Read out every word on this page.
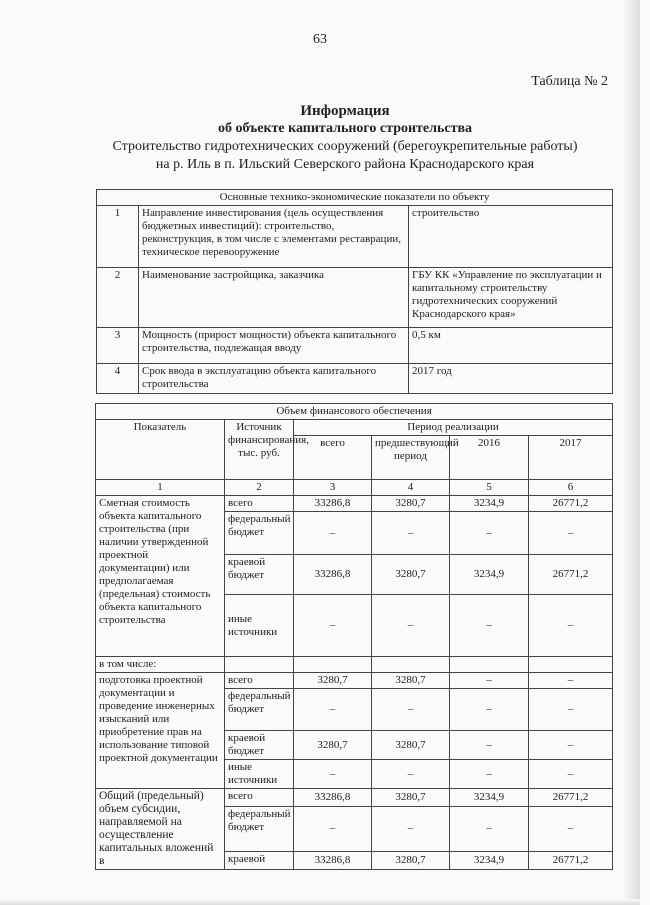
63
Таблица № 2
Информация
об объекте капитального строительства
Строительство гидротехнических сооружений (берегоукрепительные работы)
на р. Иль в п. Ильский Северского района Краснодарского края
Основные технико-экономические показатели по объекту		
1	Направление инвестирования (цель осуществления бюджетных инвестиций): строительство, реконструкция, в том числе с элементами реставрации, техническое перевооружение	строительство
2	Наименование застройщика, заказчика	ГБУ КК «Управление по эксплуатации и капитальному строительству гидротехнических сооружений Краснодарского края»
3	Мощность (прирост мощности) объекта капитального строительства, подлежащая вводу	0,5 км
4	Срок ввода в эксплуатацию объекта капитального строительства	2017 год
Объем финансового обеспечения					
Показатель	Источник финансирования, тыс. руб.	Период реализации			
		всего	предшествующий период	2016	2017
1	2	3	4	5	6
Сметная стоимость объекта капитального строительства (при наличии утвержденной проектной документации) или предполагаемая (предельная) стоимость объекта капитального строительства	всего	33286,8	3280,7	3234,9	26771,2
	федеральный бюджет	–	–	–	–
	краевой бюджет	33286,8	3280,7	3234,9	26771,2
	иные источники	–	–	–	–
в том числе:					
подготовка проектной документации и проведение инженерных изысканий или приобретение прав на использование типовой проектной документации	всего	3280,7	3280,7	–	–
	федеральный бюджет	–	–	–	–
	краевой бюджет	3280,7	3280,7	–	–
	иные источники	–	–	–	–
Общий (предельный) объем субсидии, направляемой на осуществление капитальных вложений в	всего	33286,8	3280,7	3234,9	26771,2
	федеральный бюджет	–	–	–	–
	краевой	33286,8	3280,7	3234,9	26771,2
